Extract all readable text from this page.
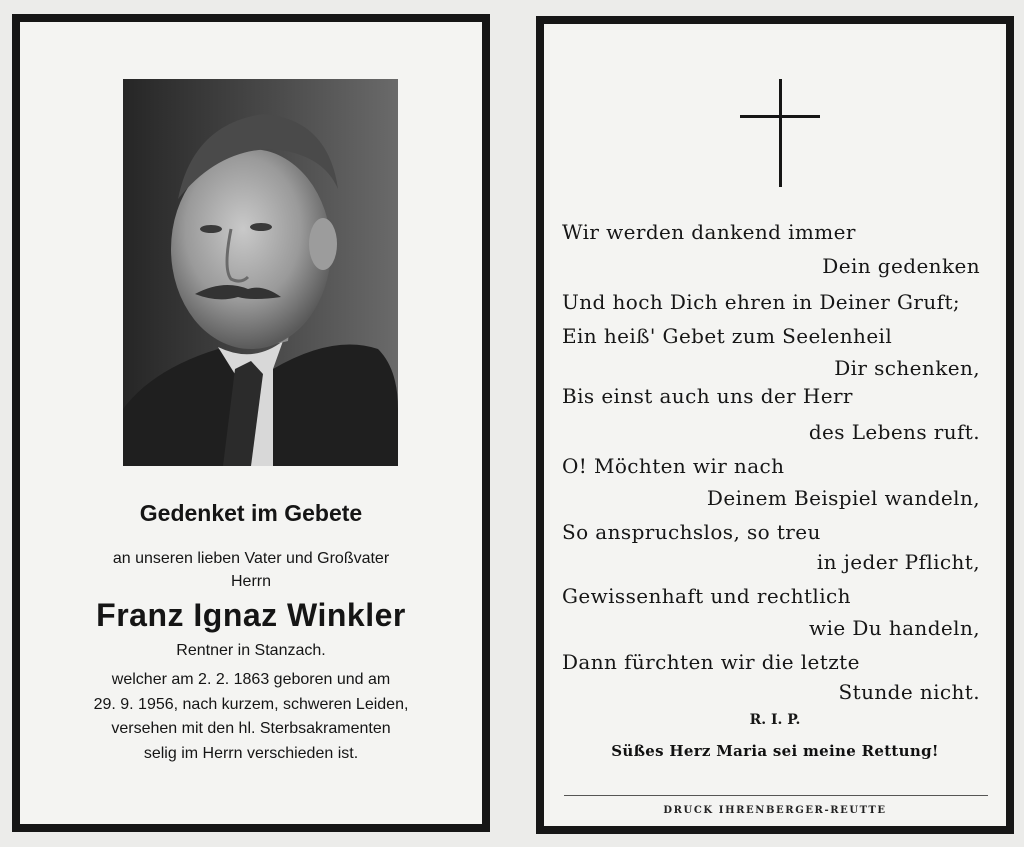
Gedenket im Gebete
an unseren lieben Vater und Großvater
Herrn
Franz Ignaz Winkler
Rentner in Stanzach.
welcher am 2. 2. 1863 geboren und am
29. 9. 1956, nach kurzem, schweren Leiden,
versehen mit den hl. Sterbsakramenten
selig im Herrn verschieden ist.
Wir werden dankend immer
Dein gedenken
Und hoch Dich ehren in Deiner Gruft;
Ein heiß' Gebet zum Seelenheil
Dir schenken,
Bis einst auch uns der Herr
des Lebens ruft.
O! Möchten wir nach
Deinem Beispiel wandeln,
So anspruchslos, so treu
in jeder Pflicht,
Gewissenhaft und rechtlich
wie Du handeln,
Dann fürchten wir die letzte
Stunde nicht.
R. I. P.
Süßes Herz Maria sei meine Rettung!
DRUCK IHRENBERGER-REUTTE
